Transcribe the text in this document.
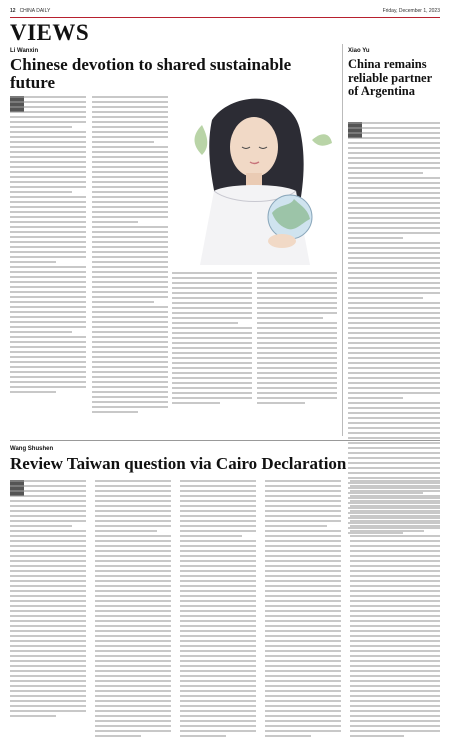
12 CHINA DAILY	Friday, December 1, 2023
VIEWS
Li Wanxin
Chinese devotion to shared sustainable future
Xiao Yu
China remains reliable partner of Argentina
Wang Shushen
Review Taiwan question via Cairo Declaration
